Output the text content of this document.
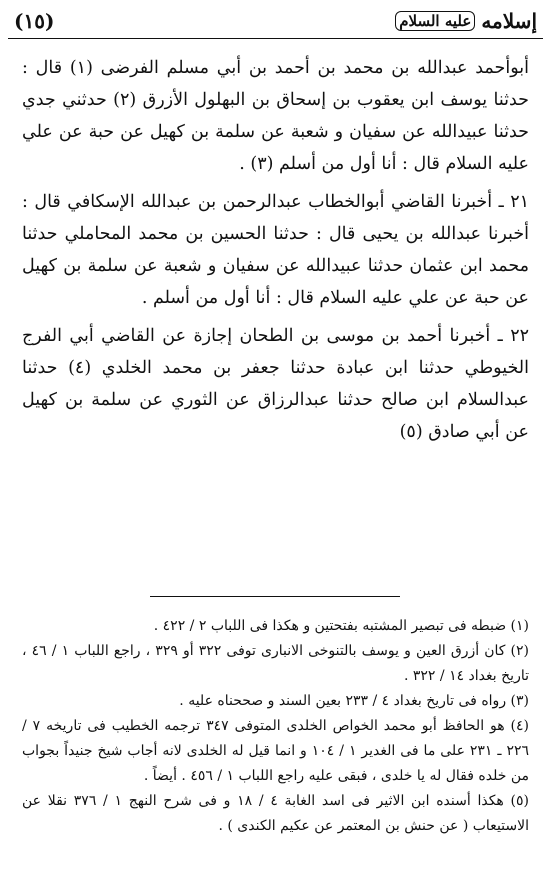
إسلامه
عليه السلام
(١٥)

أبوأحمد عبدالله بن محمد بن أحمد بن أبي مسلم الفرضى (١) قال : حدثنا يوسف ابن يعقوب بن إسحاق بن البهلول الأزرق (٢) حدثني جدي حدثنا عبيدالله عن سفيان و شعبة عن سلمة بن كهيل عن حبة عن علي عليه السلام قال : أنا أول من أسلم (٣) .

٢١ ـ أخبرنا القاضي أبوالخطاب عبدالرحمن بن عبدالله الإسكافي قال : أخبرنا عبدالله بن يحيى قال : حدثنا الحسين بن محمد المحاملي حدثنا محمد ابن عثمان حدثنا عبيدالله عن سفيان و شعبة عن سلمة بن كهيل عن حبة عن علي عليه السلام قال : أنا أول من أسلم .

٢٢ ـ أخبرنا أحمد بن موسى بن الطحان إجازة عن القاضي أبي الفرج الخيوطي حدثنا ابن عبادة حدثنا جعفر بن محمد الخلدي (٤) حدثنا عبدالسلام ابن صالح حدثنا عبدالرزاق عن الثوري عن سلمة بن كهيل عن أبي صادق (٥)

(١) ضبطه فى تبصير المشتبه بفتحتين و هكذا فى اللباب ٢ / ٤٢٢ .

(٢) كان أزرق العين و يوسف بالتنوخى الانبارى توفى ٣٢٢ أو ٣٢٩ ، راجع اللباب ١ / ٤٦ ، تاريخ بغداد ١٤ / ٣٢٢ .

(٣) رواه فى تاريخ بغداد ٤ / ٢٣٣ بعين السند و صححناه عليه .

(٤) هو الحافظ أبو محمد الخواص الخلدى المتوفى ٣٤٧ ترجمه الخطيب فى تاريخه ٧ / ٢٢٦ ـ ٢٣١ على ما فى الغدير ١ / ١٠٤ و انما قيل له الخلدى لانه أجاب شيخ جنيداً بجواب من خلده فقال له يا خلدى ، فبقى عليه راجع اللباب ١ / ٤٥٦ . أيضاً .

(٥) هكذا أسنده ابن الاثير فى اسد الغابة ٤ / ١٨ و فى شرح النهج ١ / ٣٧٦ نقلا عن الاستيعاب ( عن حنش بن المعتمر عن عكيم الكندى ) .
